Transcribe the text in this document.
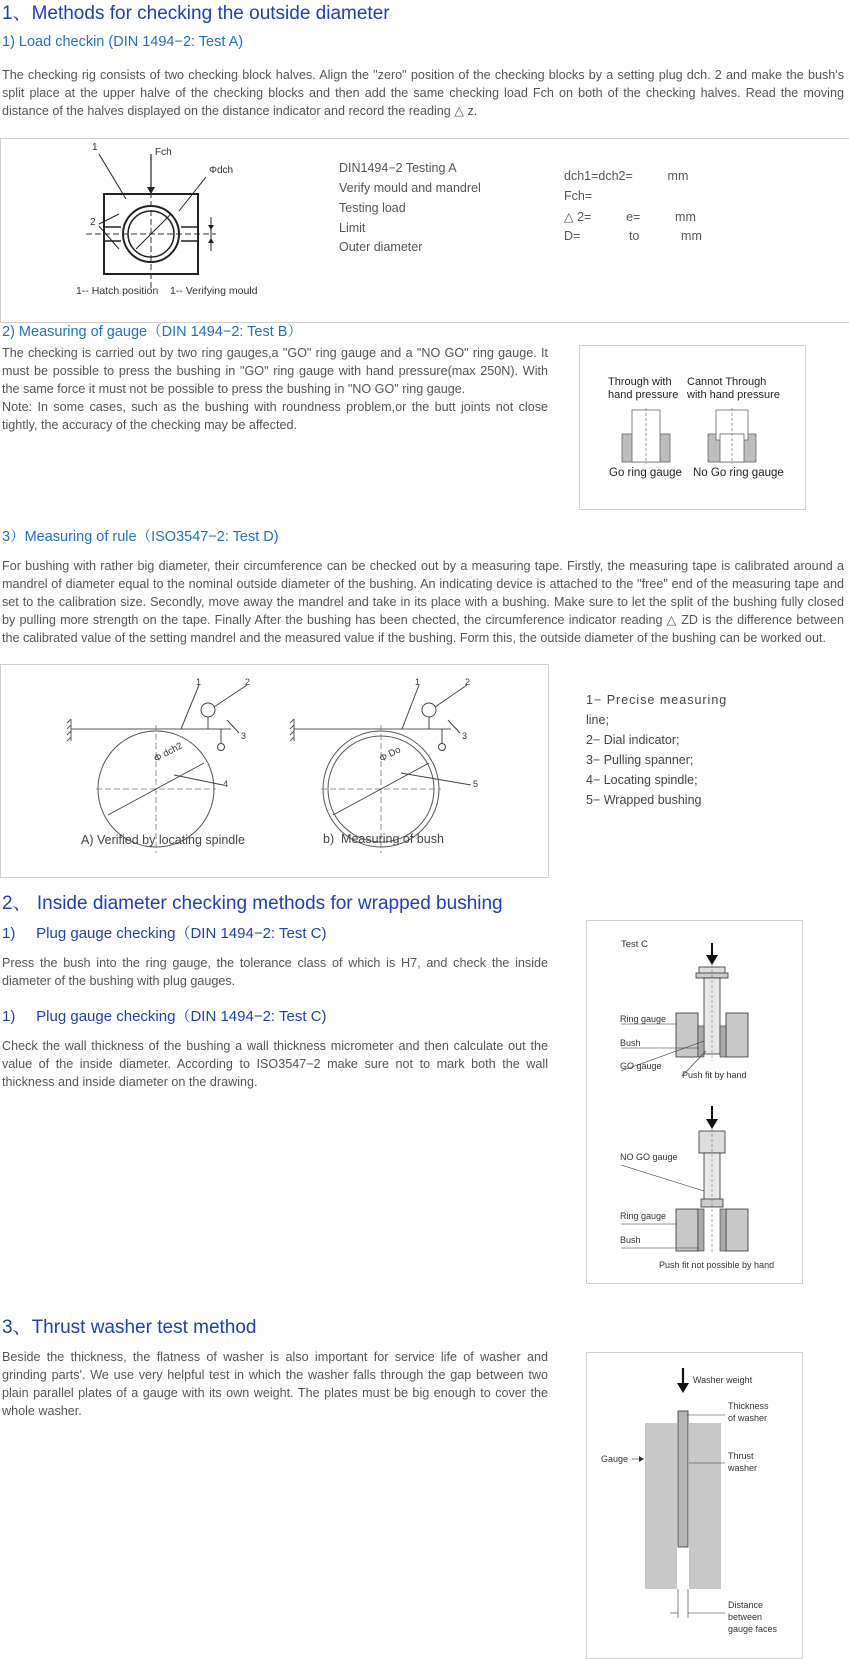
1、Methods for checking the outside diameter
1) Load checkin (DIN 1494−2: Test A)
The checking rig consists of two checking block halves. Align the "zero" position of the checking blocks by a setting plug dch. 2 and make the bush's split place at the upper halve of the checking blocks and then add the same checking load Fch on both of the checking halves. Read the moving distance of the halves displayed on the distance indicator and record the reading △ z.
1
2
Fch
Φdch
1-- Hatch position    1-- Verifying mould
DIN1494−2 Testing A
Verify mould and mandrel
Testing load
Limit
Outer diameter
dch1=dch2=          mm
Fch=
△ 2=          e=          mm
D=              to            mm
2) Measuring of gauge（DIN 1494−2: Test B）
The checking is carried out by two ring gauges,a "GO" ring gauge and a "NO GO" ring gauge. It must be possible to press the bushing in "GO" ring gauge with hand pressure(max 250N). With the same force it must not be possible to press the bushing in "NO GO" ring gauge.
Note: In some cases, such as the bushing with roundness problem,or the butt joints not close tightly, the accuracy of the checking may be affected.
Through with
hand pressure
Cannot Through
with hand pressure
Go ring gauge No Go ring gauge
3）Measuring of rule（ISO3547−2: Test D)
For bushing with rather big diameter, their circumference can be checked out by a measuring tape. Firstly, the measuring tape is calibrated around a mandrel of diameter equal to the nominal outside diameter of the bushing. An indicating device is attached to the "free" end of the measuring tape and set to the calibration size. Secondly, move away the mandrel and take in its place with a bushing. Make sure to let the split of the bushing fully closed by pulling more strength on the tape. Finally After the bushing has been chected, the circumference indicator reading △ ZD is the difference between the calibrated value of the setting mandrel and the measured value if the bushing. Form this, the outside diameter of the bushing can be worked out.
1	2
3
4
Φ dch2
1	2
3
5
Φ Do
A) Verified by locating spindle	b)  Measuring of bush
1− Precise measuring
line;
2− Dial indicator;
3− Pulling spanner;
4− Locating spindle;
5− Wrapped bushing
2、 Inside diameter checking methods for wrapped bushing
1)     Plug gauge checking（DIN 1494−2: Test C)
Press the bush into the ring gauge, the tolerance class of which is H7, and check the inside diameter of the bushing with plug gauges.
1)     Plug gauge checking（DIN 1494−2: Test C)
Check the wall thickness of the bushing a wall thickness micrometer and then calculate out the value of the inside diameter. According to ISO3547−2 make sure not to mark both the wall thickness and inside diameter on the drawing.
Test C
Ring gauge
Bush
GO gauge
Push fit by hand
NO GO gauge
Ring gauge
Bush
Push fit not possible by hand
3、Thrust washer test method
Beside the thickness, the flatness of washer is also important for service life of washer and grinding parts'. We use very helpful test in which the washer falls through the gap between two plain parallel plates of a gauge with its own weight. The plates must be big enough to cover the whole washer.
Washer weight
Thickness
of washer
Gauge	Thrust
washer
Distance
between
gauge faces
